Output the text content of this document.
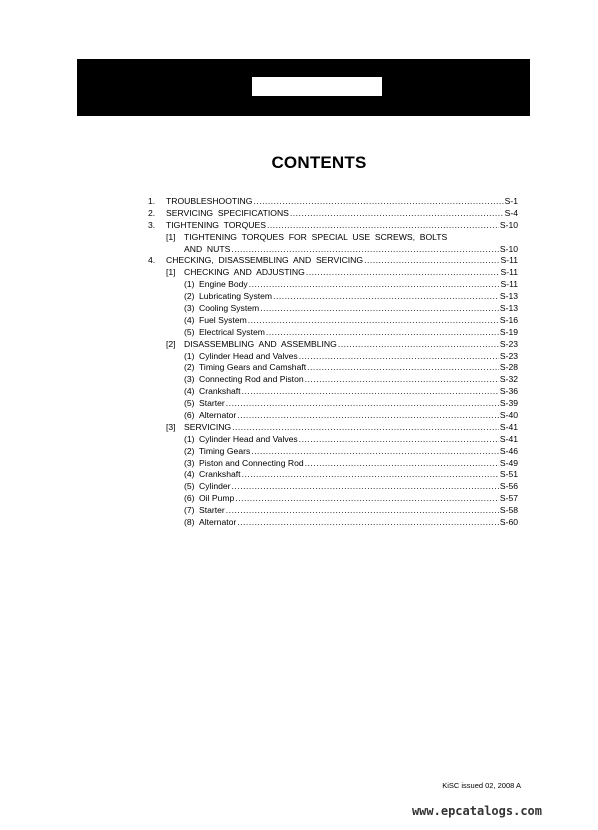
CONTENTS
1.	TROUBLESHOOTING .....	S-1
2.	SERVICING  SPECIFICATIONS .....	S-4
3.	TIGHTENING  TORQUES .....	S-10
[1] TIGHTENING  TORQUES  FOR  SPECIAL  USE  SCREWS,  BOLTS
AND  NUTS .....	S-10
4.	CHECKING,  DISASSEMBLING  AND  SERVICING .....	S-11
[1] CHECKING  AND  ADJUSTING .....	S-11
(1) Engine Body .....	S-11
(2) Lubricating System .....	S-13
(3) Cooling System .....	S-13
(4) Fuel System .....	S-16
(5) Electrical System .....	S-19
[2] DISASSEMBLING  AND  ASSEMBLING .....	S-23
(1) Cylinder Head and Valves .....	S-23
(2) Timing Gears and Camshaft .....	S-28
(3) Connecting Rod and Piston .....	S-32
(4) Crankshaft .....	S-36
(5) Starter .....	S-39
(6) Alternator .....	S-40
[3] SERVICING .....	S-41
(1) Cylinder Head and Valves .....	S-41
(2) Timing Gears .....	S-46
(3) Piston and Connecting Rod .....	S-49
(4) Crankshaft .....	S-51
(5) Cylinder .....	S-56
(6) Oil Pump .....	S-57
(7) Starter .....	S-58
(8) Alternator .....	S-60
KiSC issued 02, 2008 A
www.epcatalogs.com
